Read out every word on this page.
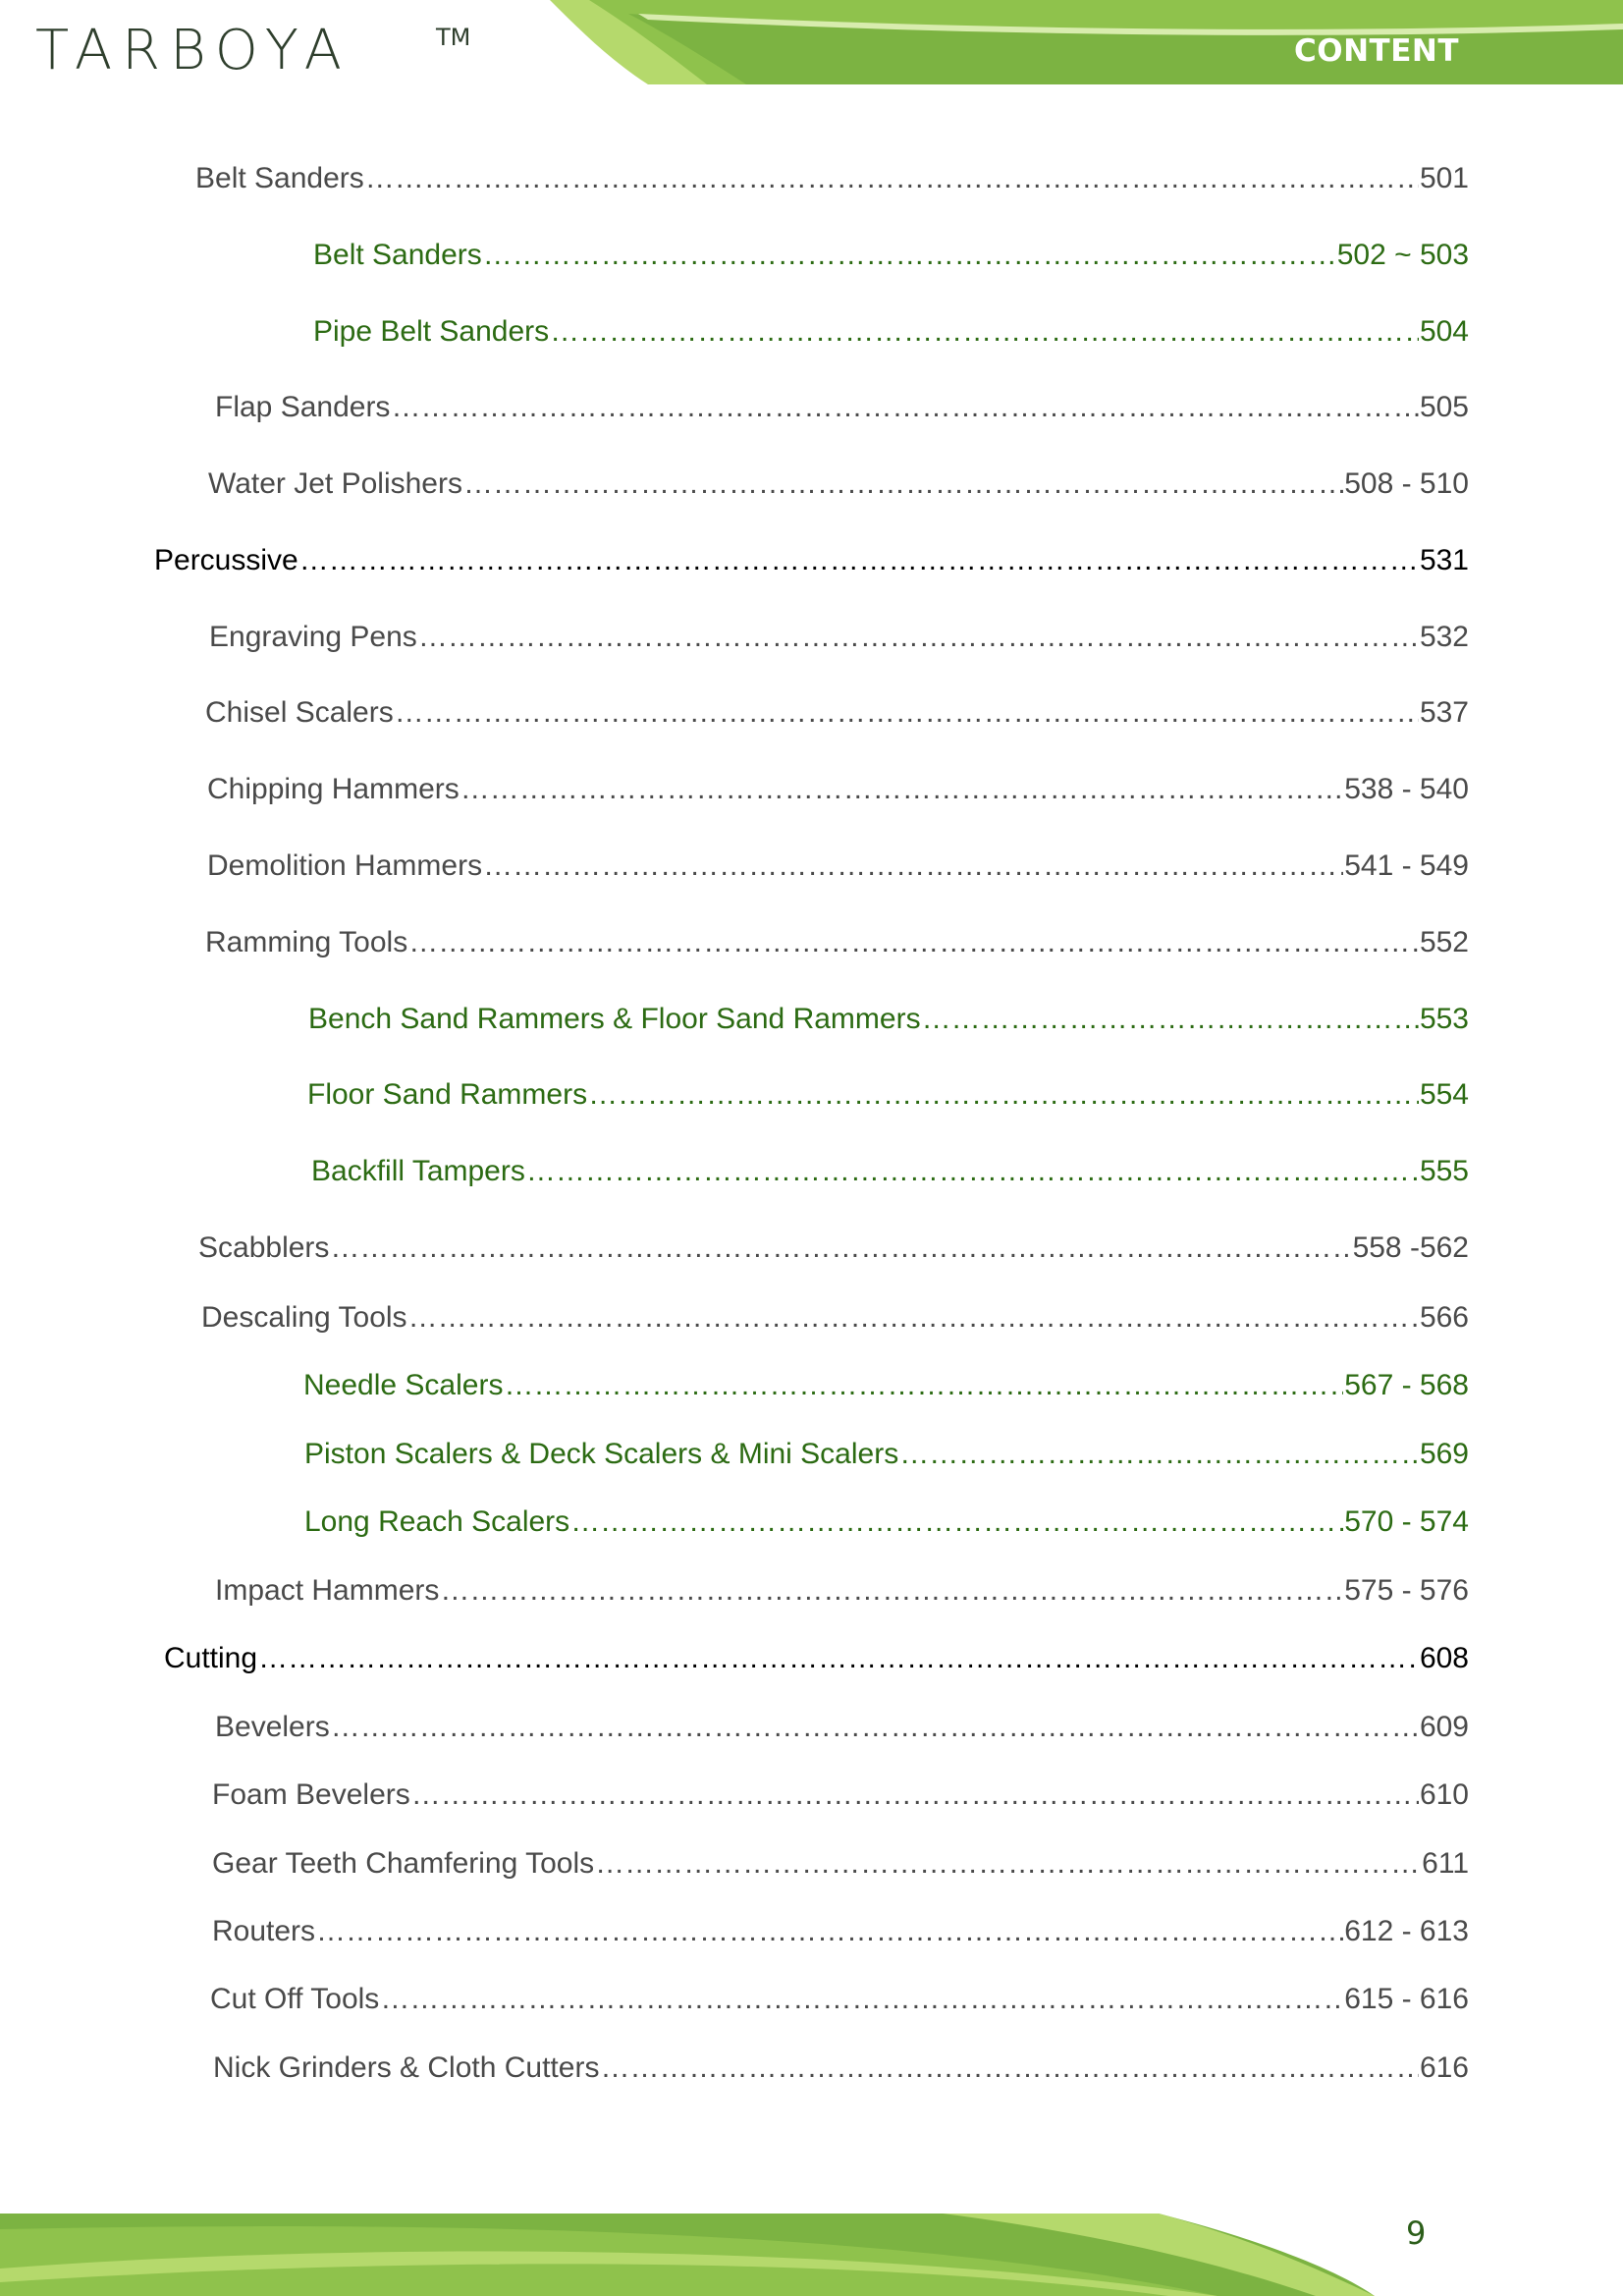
TARBOYA	TM	CONTENT
Belt Sanders ………………………………………………………………………………………………………………………………………………………………………………………………………………………………………………………………	501
Belt Sanders ………………………………………………………………………………………………………………………………………………………………………………………………………………………………………………………………	502 ~ 503
Pipe Belt Sanders ………………………………………………………………………………………………………………………………………………………………………………………………………………………………………………………………	504
Flap Sanders ………………………………………………………………………………………………………………………………………………………………………………………………………………………………………………………………	505
Water Jet Polishers ………………………………………………………………………………………………………………………………………………………………………………………………………………………………………………………………	508 - 510
Percussive ………………………………………………………………………………………………………………………………………………………………………………………………………………………………………………………………	531
Engraving Pens ………………………………………………………………………………………………………………………………………………………………………………………………………………………………………………………………	532
Chisel Scalers ………………………………………………………………………………………………………………………………………………………………………………………………………………………………………………………………	537
Chipping Hammers ………………………………………………………………………………………………………………………………………………………………………………………………………………………………………………………………	538 - 540
Demolition Hammers ………………………………………………………………………………………………………………………………………………………………………………………………………………………………………………………………	541 - 549
Ramming Tools ………………………………………………………………………………………………………………………………………………………………………………………………………………………………………………………………	552
Bench Sand Rammers & Floor Sand Rammers ………………………………………………………………………………………………………………………………………………………………………………………………………………………………………………………………	553
Floor Sand Rammers ………………………………………………………………………………………………………………………………………………………………………………………………………………………………………………………………	554
Backfill Tampers ………………………………………………………………………………………………………………………………………………………………………………………………………………………………………………………………	555
Scabblers ………………………………………………………………………………………………………………………………………………………………………………………………………………………………………………………………	558 -562
Descaling Tools ………………………………………………………………………………………………………………………………………………………………………………………………………………………………………………………………	566
Needle Scalers ………………………………………………………………………………………………………………………………………………………………………………………………………………………………………………………………	567 - 568
Piston Scalers & Deck Scalers & Mini Scalers ………………………………………………………………………………………………………………………………………………………………………………………………………………………………………………………………	569
Long Reach Scalers ………………………………………………………………………………………………………………………………………………………………………………………………………………………………………………………………	570 - 574
Impact Hammers ………………………………………………………………………………………………………………………………………………………………………………………………………………………………………………………………	575 - 576
Cutting ………………………………………………………………………………………………………………………………………………………………………………………………………………………………………………………………	608
Bevelers ………………………………………………………………………………………………………………………………………………………………………………………………………………………………………………………………	609
Foam Bevelers ………………………………………………………………………………………………………………………………………………………………………………………………………………………………………………………………	610
Gear Teeth Chamfering Tools ………………………………………………………………………………………………………………………………………………………………………………………………………………………………………………………………	611
Routers ………………………………………………………………………………………………………………………………………………………………………………………………………………………………………………………………	612 - 613
Cut Off Tools ………………………………………………………………………………………………………………………………………………………………………………………………………………………………………………………………	615 - 616
Nick Grinders & Cloth Cutters ………………………………………………………………………………………………………………………………………………………………………………………………………………………………………………………………	616
9
